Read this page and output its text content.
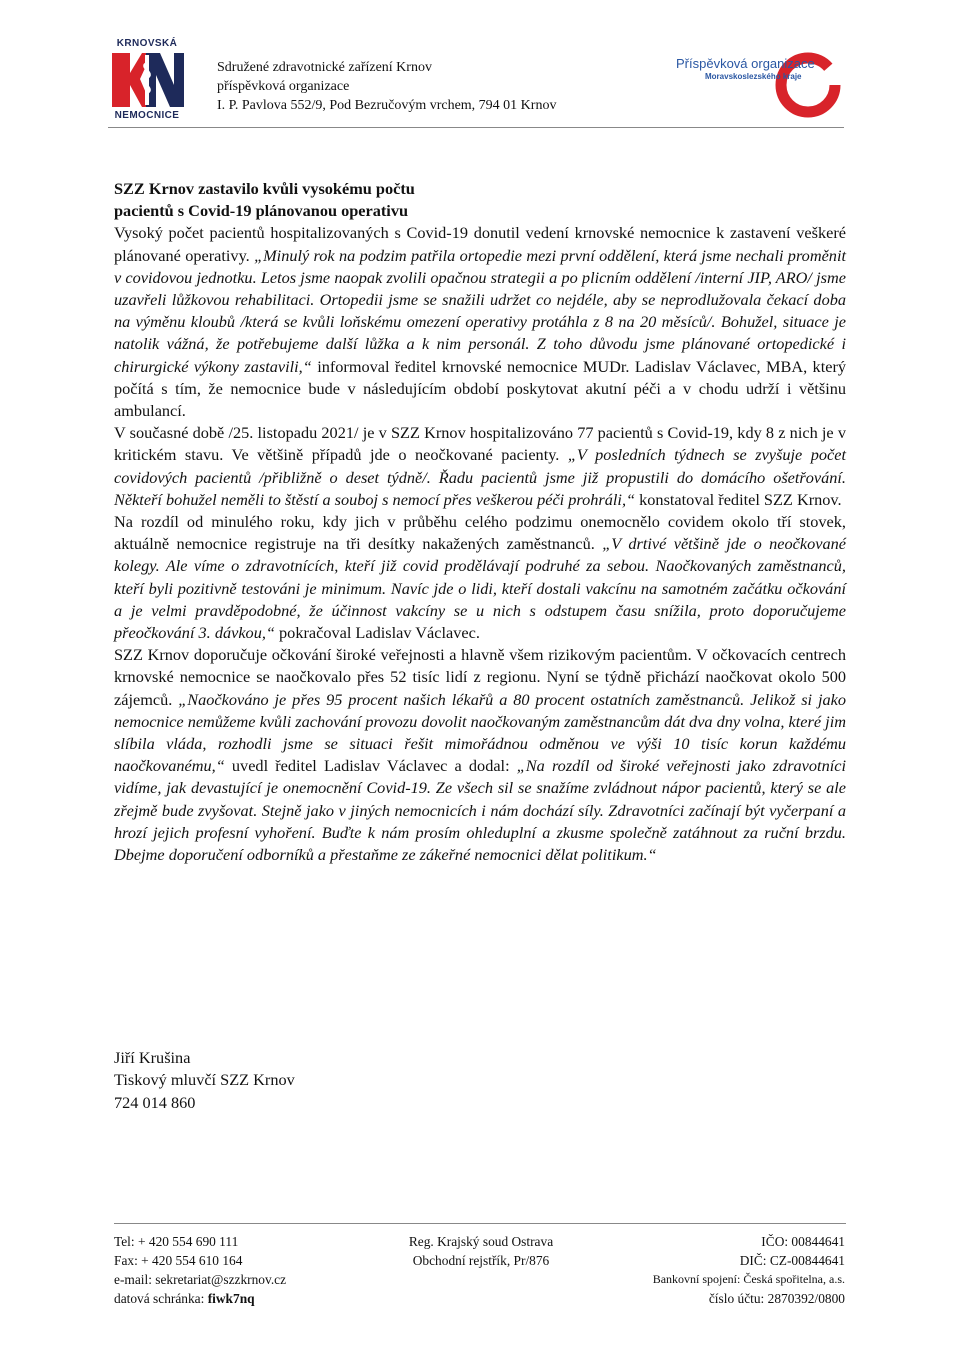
KRNOVSKÁ
NEMOCNICE
Sdružené zdravotnické zařízení Krnov
příspěvková organizace
I. P. Pavlova 552/9, Pod Bezručovým vrchem, 794 01 Krnov
Příspěvková organizace
Moravskoslezského kraje
SZZ Krnov zastavilo kvůli vysokému počtu
pacientů s Covid-19 plánovanou operativu

Vysoký počet pacientů hospitalizovaných s Covid-19 donutil vedení krnovské nemocnice k zastavení veškeré plánované operativy. „Minulý rok na podzim patřila ortopedie mezi první oddělení, která jsme nechali proměnit v covidovou jednotku. Letos jsme naopak zvolili opačnou strategii a po plicním oddělení /interní JIP, ARO/ jsme uzavřeli lůžkovou rehabilitaci. Ortopedii jsme se snažili udržet co nejdéle, aby se neprodlužovala čekací doba na výměnu kloubů /která se kvůli loňskému omezení operativy protáhla z 8 na 20 měsíců/. Bohužel, situace je natolik vážná, že potřebujeme další lůžka a k nim personál. Z toho důvodu jsme plánované ortopedické i chirurgické výkony zastavili,“ informoval ředitel krnovské nemocnice MUDr. Ladislav Václavec, MBA, který počítá s tím, že nemocnice bude v následujícím období poskytovat akutní péči a v chodu udrží i většinu ambulancí.

V současné době /25. listopadu 2021/ je v SZZ Krnov hospitalizováno 77 pacientů s Covid-19, kdy 8 z nich je v kritickém stavu. Ve většině případů jde o neočkované pacienty. „V posledních týdnech se zvyšuje počet covidových pacientů /přibližně o deset týdně/. Řadu pacientů jsme již propustili do domácího ošetřování. Někteří bohužel neměli to štěstí a souboj s nemocí přes veškerou péči prohráli,“ konstatoval ředitel SZZ Krnov.

Na rozdíl od minulého roku, kdy jich v průběhu celého podzimu onemocnělo covidem okolo tří stovek, aktuálně nemocnice registruje na tři desítky nakažených zaměstnanců. „V drtivé většině jde o neočkované kolegy. Ale víme o zdravotnících, kteří již covid prodělávají podruhé za sebou. Naočkovaných zaměstnanců, kteří byli pozitivně testováni je minimum. Navíc jde o lidi, kteří dostali vakcínu na samotném začátku očkování a je velmi pravděpodobné, že účinnost vakcíny se u nich s odstupem času snížila, proto doporučujeme přeočkování 3. dávkou,“ pokračoval Ladislav Václavec.

SZZ Krnov doporučuje očkování široké veřejnosti a hlavně všem rizikovým pacientům. V očkovacích centrech krnovské nemocnice se naočkovalo přes 52 tisíc lidí z regionu. Nyní se týdně přichází naočkovat okolo 500 zájemců. „Naočkováno je přes 95 procent našich lékařů a 80 procent ostatních zaměstnanců. Jelikož si jako nemocnice nemůžeme kvůli zachování provozu dovolit naočkovaným zaměstnancům dát dva dny volna, které jim slíbila vláda, rozhodli jsme se situaci řešit mimořádnou odměnou ve výši 10 tisíc korun každému naočkovanému,“ uvedl ředitel Ladislav Václavec a dodal: „Na rozdíl od široké veřejnosti jako zdravotníci vidíme, jak devastující je onemocnění Covid-19. Ze všech sil se snažíme zvládnout nápor pacientů, který se ale zřejmě bude zvyšovat. Stejně jako v jiných nemocnicích i nám dochází síly. Zdravotníci začínají být vyčerpaní a hrozí jejich profesní vyhoření. Buďte k nám prosím ohleduplní a zkusme společně zatáhnout za ruční brzdu. Dbejme doporučení odborníků a přestaňme ze zákeřné nemocnici dělat politikum.“

Jiří Krušina
Tiskový mluvčí SZZ Krnov
724 014 860
Tel: + 420 554 690 111
Fax: + 420 554 610 164
e-mail: sekretariat@szzkrnov.cz
datová schránka: fiwk7nq
Reg. Krajský soud Ostrava
Obchodní rejstřík, Pr/876
IČO: 00844641
DIČ: CZ-00844641
Bankovní spojení: Česká spořitelna, a.s.
číslo účtu: 2870392/0800
